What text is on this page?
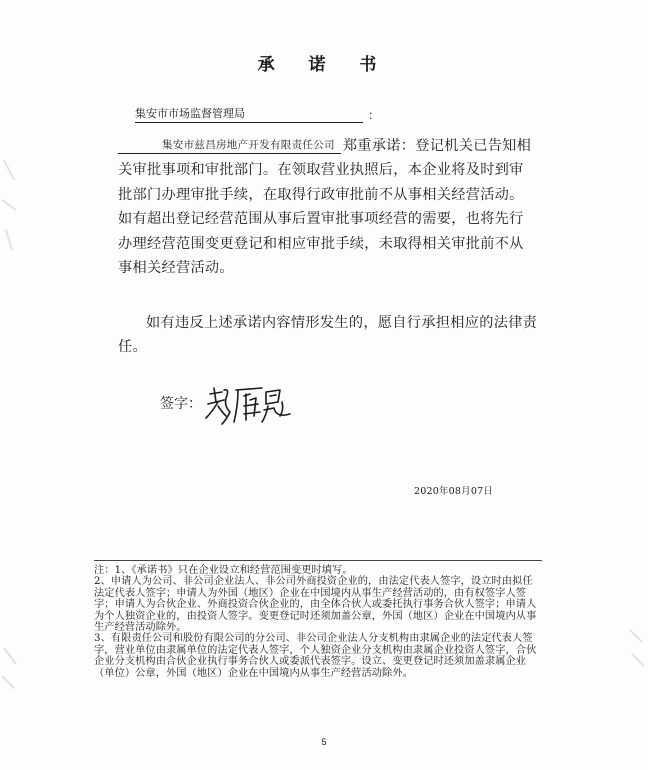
承 诺 书
集安市市场监督管理局	：
集安市兹昌房地产开发有限责任公司 郑重承诺：登记机关已告知相关审批事项和审批部门。在领取营业执照后，本企业将及时到审批部门办理审批手续，在取得行政审批前不从事相关经营活动。如有超出登记经营范围从事后置审批事项经营的需要，也将先行办理经营范围变更登记和相应审批手续，未取得相关审批前不从事相关经营活动。
如有违反上述承诺内容情形发生的，愿自行承担相应的法律责任。
签字：
2020年08月07日

注：1、《承诺书》只在企业设立和经营范围变更时填写。

2、申请人为公司、非公司企业法人、非公司外商投资企业的，由法定代表人签字，设立时由拟任法定代表人签字；申请人为外国（地区）企业在中国境内从事生产经营活动的，由有权签字人签字；申请人为合伙企业、外商投资合伙企业的，由全体合伙人或委托执行事务合伙人签字；申请人为个人独资企业的，由投资人签字。变更登记时还须加盖公章，外国（地区）企业在中国境内从事生产经营活动除外。

3、有限责任公司和股份有限公司的分公司、非公司企业法人分支机构由隶属企业的法定代表人签字，营业单位由隶属单位的法定代表人签字，个人独资企业分支机构由隶属企业投资人签字，合伙企业分支机构由合伙企业执行事务合伙人或委派代表签字。设立、变更登记时还须加盖隶属企业（单位）公章，外国（地区）企业在中国境内从事生产经营活动除外。

5
